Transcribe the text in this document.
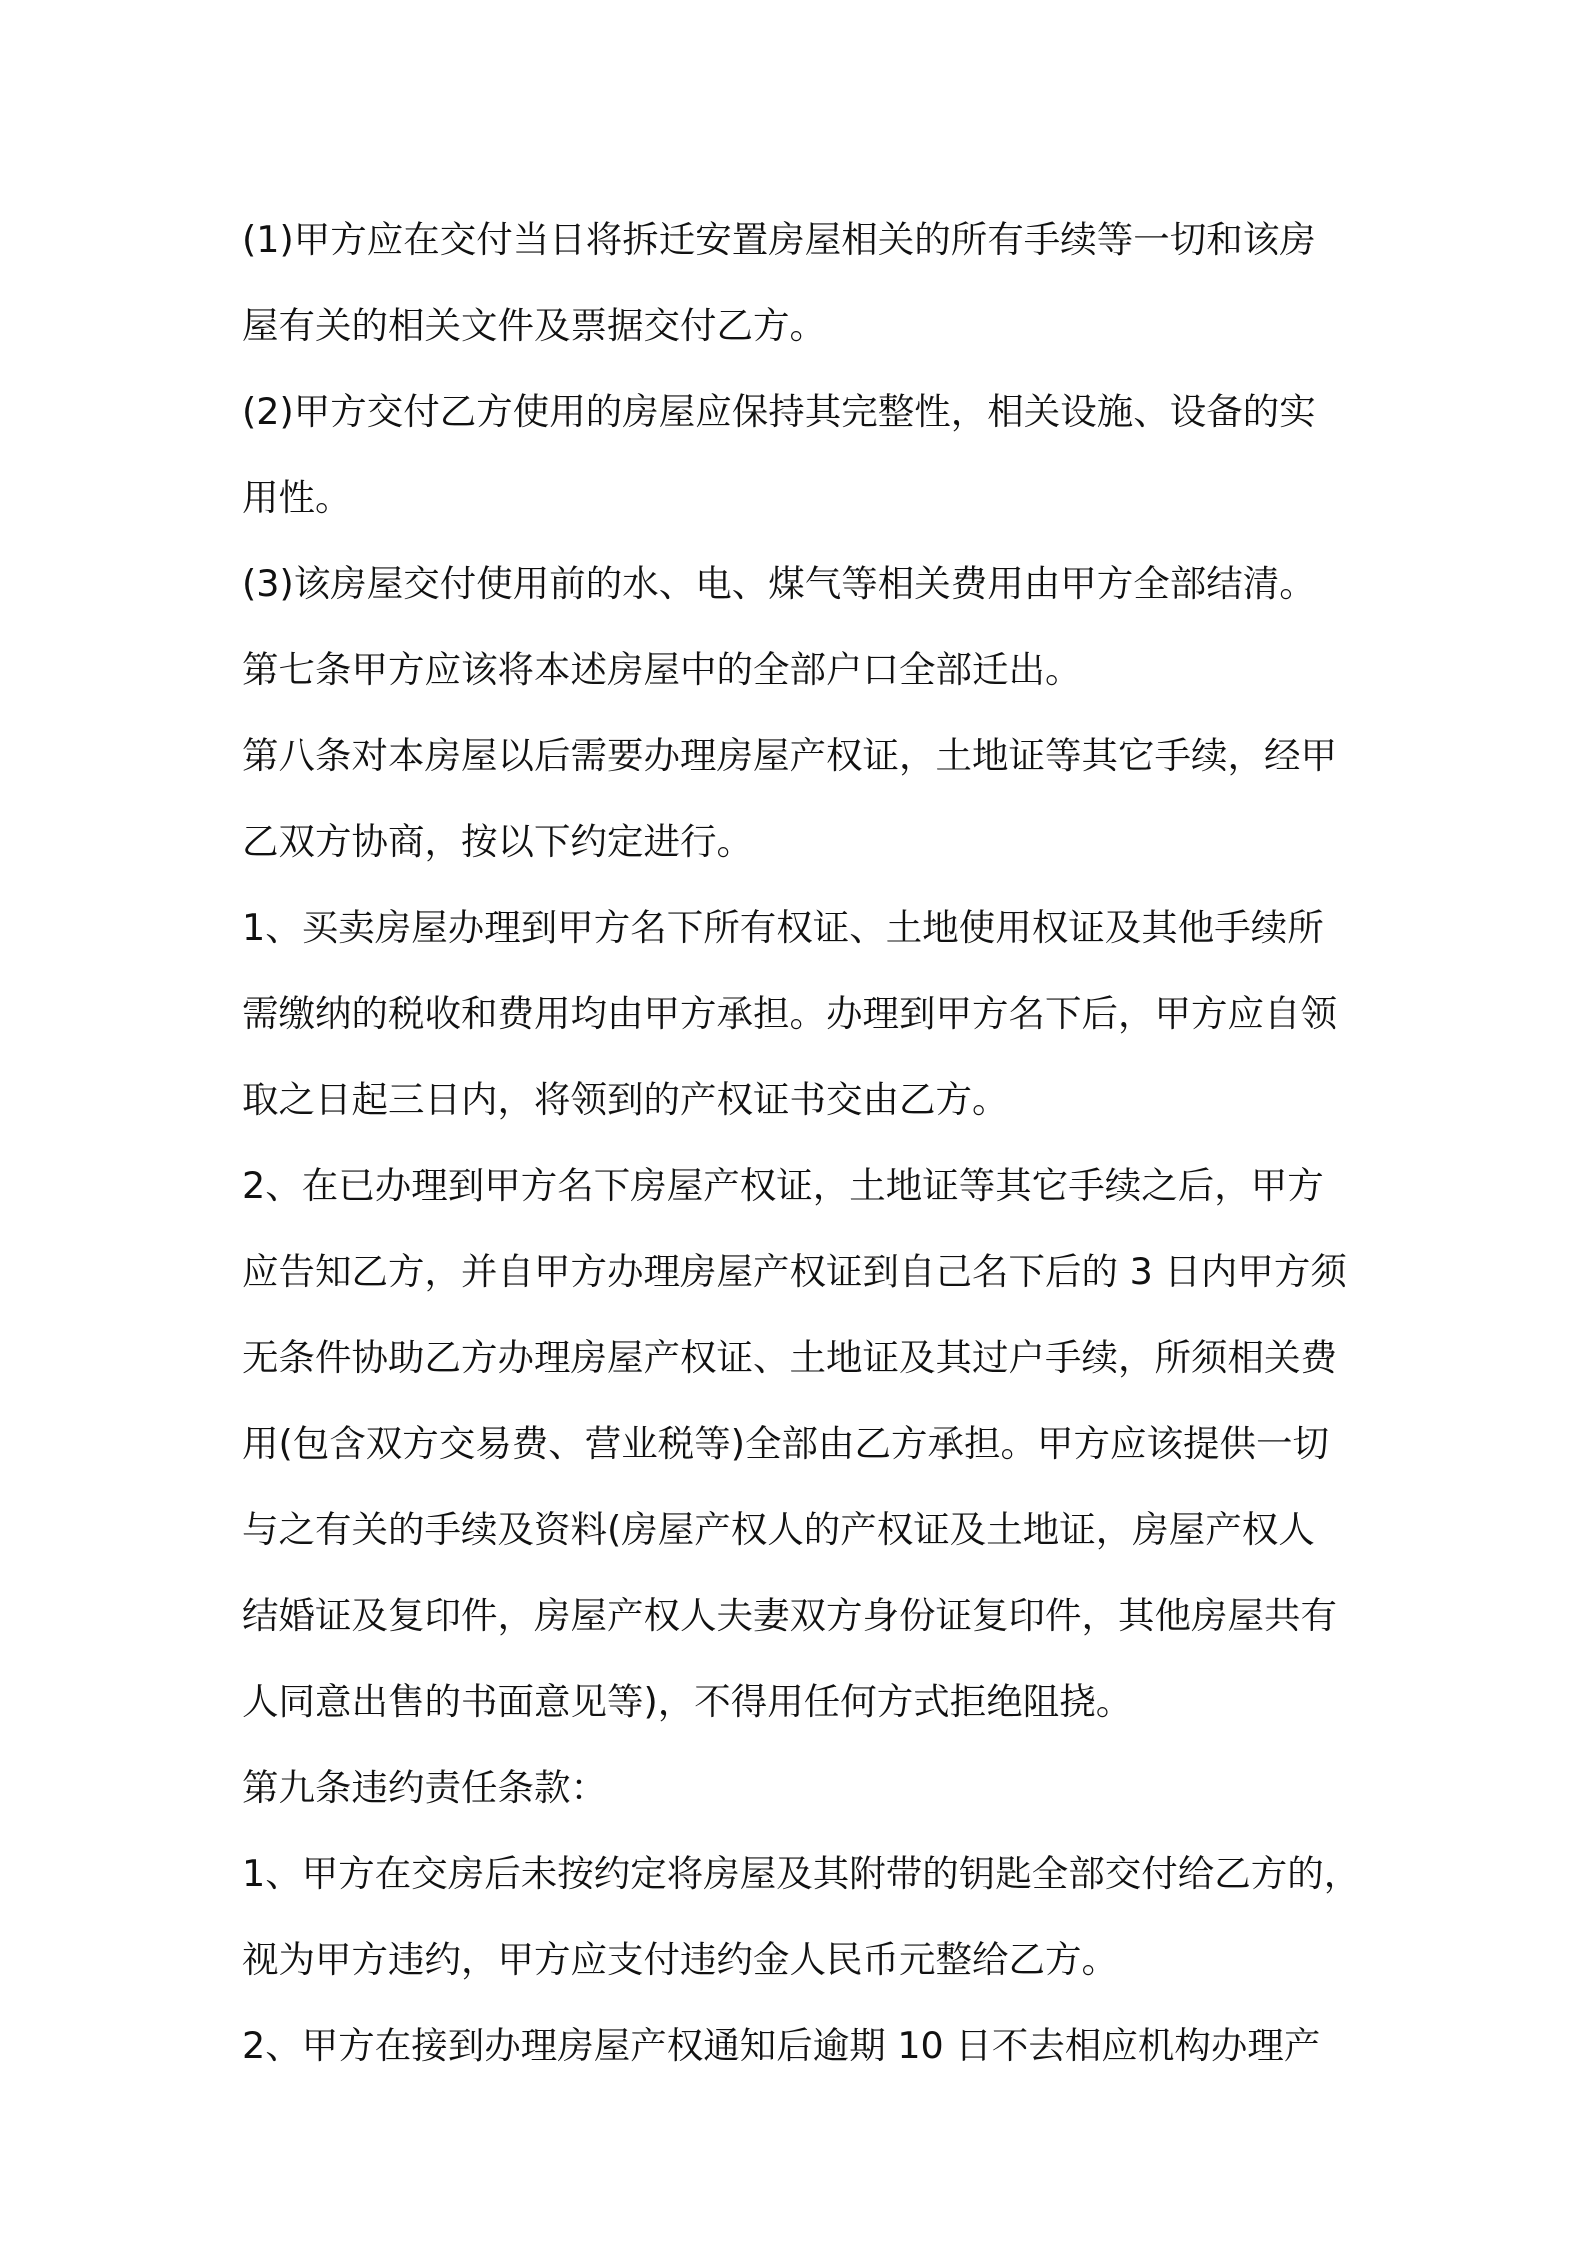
(1)甲方应在交付当日将拆迁安置房屋相关的所有手续等一切和该房

屋有关的相关文件及票据交付乙方。

(2)甲方交付乙方使用的房屋应保持其完整性，相关设施、设备的实

用性。

(3)该房屋交付使用前的水、电、煤气等相关费用由甲方全部结清。

第七条甲方应该将本述房屋中的全部户口全部迁出。

第八条对本房屋以后需要办理房屋产权证，土地证等其它手续，经甲

乙双方协商，按以下约定进行。

1、买卖房屋办理到甲方名下所有权证、土地使用权证及其他手续所

需缴纳的税收和费用均由甲方承担。办理到甲方名下后，甲方应自领

取之日起三日内，将领到的产权证书交由乙方。

2、在已办理到甲方名下房屋产权证，土地证等其它手续之后，甲方

应告知乙方，并自甲方办理房屋产权证到自己名下后的 3 日内甲方须

无条件协助乙方办理房屋产权证、土地证及其过户手续，所须相关费

用(包含双方交易费、营业税等)全部由乙方承担。甲方应该提供一切

与之有关的手续及资料(房屋产权人的产权证及土地证，房屋产权人

结婚证及复印件，房屋产权人夫妻双方身份证复印件，其他房屋共有

人同意出售的书面意见等)，不得用任何方式拒绝阻挠。

第九条违约责任条款：

1、甲方在交房后未按约定将房屋及其附带的钥匙全部交付给乙方的，

视为甲方违约，甲方应支付违约金人民币元整给乙方。

2、甲方在接到办理房屋产权通知后逾期 10 日不去相应机构办理产
